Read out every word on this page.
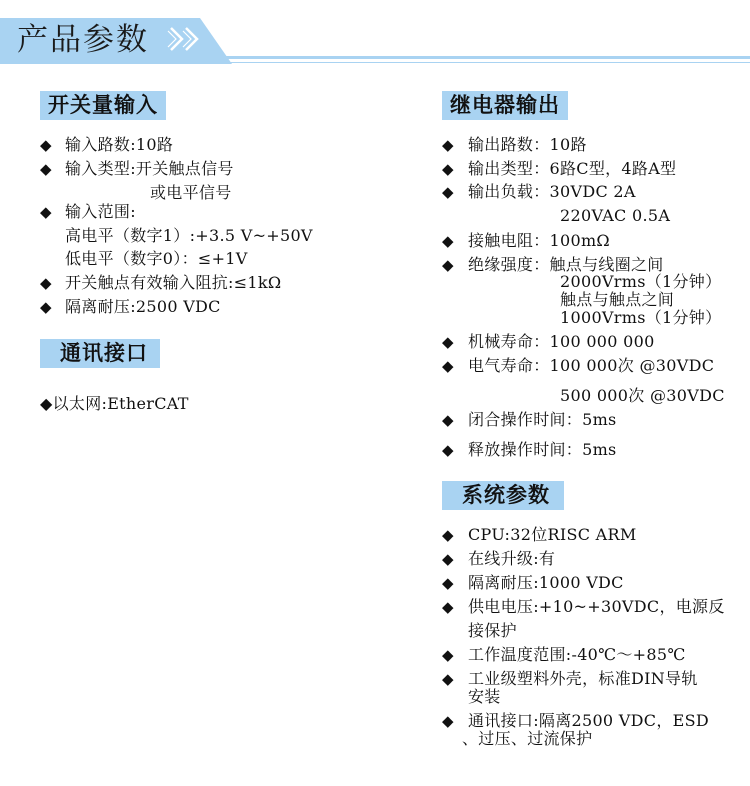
产品参数
开关量输入
◆ 输入路数:10路
◆ 输入类型:开关触点信号
或电平信号
◆ 输入范围:
高电平（数字1）:+3.5 V~+50V
低电平（数字0）：≤+1V
◆ 开关触点有效输入阻抗:≤1kΩ
◆ 隔离耐压:2500 VDC
通讯接口
◆以太网:EtherCAT
继电器输出
◆ 输出路数：10路
◆ 输出类型：6路C型，4路A型
◆ 输出负载：30VDC 2A
220VAC 0.5A
◆ 接触电阻：100mΩ
◆ 绝缘强度：触点与线圈之间
2000Vrms（1分钟）
触点与触点之间
1000Vrms（1分钟）
◆ 机械寿命：100 000 000
◆ 电气寿命：100 000次 @30VDC
500 000次 @30VDC
◆ 闭合操作时间：5ms
◆ 释放操作时间：5ms
系统参数
◆ CPU:32位RISC ARM
◆ 在线升级:有
◆ 隔离耐压:1000 VDC
◆ 供电电压:+10~+30VDC，电源反
接保护
◆ 工作温度范围:-40℃～+85℃
◆ 工业级塑料外壳，标准DIN导轨
安装
◆ 通讯接口:隔离2500 VDC，ESD
、过压、过流保护
